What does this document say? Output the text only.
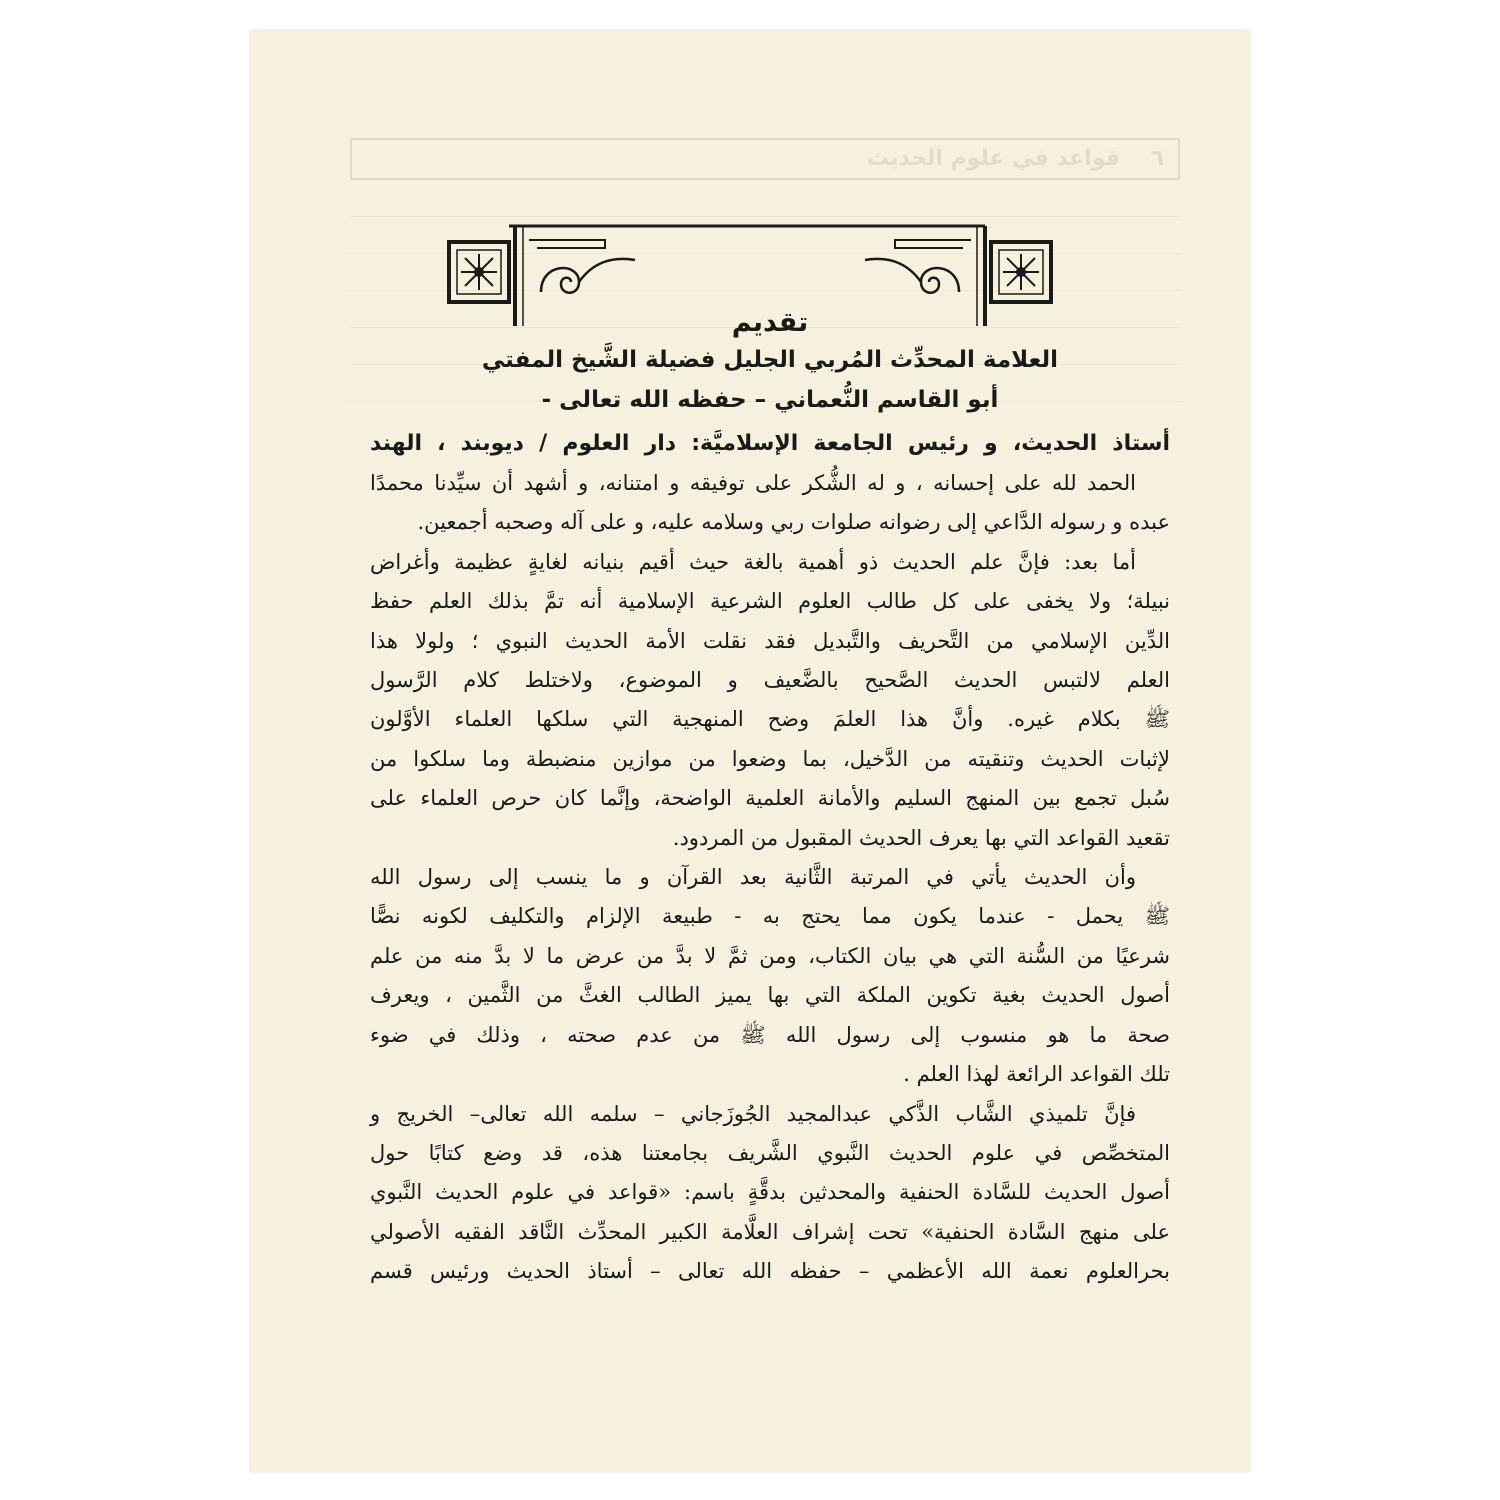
٦    قواعد في علوم الحديث

تقديم

العلامة المحدِّث المُربي الجليل فضيلة الشَّيخ المفتي

أبو القاسم النُّعماني – حفظه الله تعالى -

أستاذ الحديث، و رئيس الجامعة الإسلاميَّة: دار العلوم / ديوبند ، الهند

الحمد لله على إحسانه ، و له الشُّكر على توفيقه و امتنانه، و أشهد أن سيِّدنا محمدًا
عبده و رسوله الدَّاعي إلى رضوانه صلوات ربي وسلامه عليه، و على آله وصحبه أجمعين.
أما بعد: فإنَّ علم الحديث ذو أهمية بالغة حيث أقيم بنيانه لغايةٍ عظيمة وأغراض
نبيلة؛ ولا يخفى على كل طالب العلوم الشرعية الإسلامية أنه تمَّ بذلك العلم حفظ
الدِّين الإسلامي من التَّحريف والتَّبديل فقد نقلت الأمة الحديث النبوي ؛ ولولا هذا
العلم لالتبس الحديث الصَّحيح بالضَّعيف و الموضوع، ولاختلط كلام الرَّسول
ﷺ بكلام غيره. وأنَّ هذا العلمَ وضح المنهجية التي سلكها العلماء الأوَّلون
لإثبات الحديث وتنقيته من الدَّخيل، بما وضعوا من موازين منضبطة وما سلكوا من
سُبل تجمع بين المنهج السليم والأمانة العلمية الواضحة، وإنَّما كان حرص العلماء على
تقعيد القواعد التي بها يعرف الحديث المقبول من المردود.
وأن الحديث يأتي في المرتبة الثَّانية بعد القرآن و ما ينسب إلى رسول الله
ﷺ يحمل - عندما يكون مما يحتج به - طبيعة الإلزام والتكليف لكونه نصًّا
شرعيًا من السُّنة التي هي بيان الكتاب، ومن ثمَّ لا بدَّ من عرض ما لا بدَّ منه من علم
أصول الحديث بغية تكوين الملكة التي بها يميز الطالب الغثَّ من الثَّمين ، ويعرف
صحة ما هو منسوب إلى رسول الله ﷺ من عدم صحته ، وذلك في ضوء
تلك القواعد الرائعة لهذا العلم .
فإنَّ تلميذي الشَّاب الذَّكي عبدالمجيد الجُوزَجاني – سلمه الله تعالى– الخريج و
المتخصِّص في علوم الحديث النَّبوي الشَّريف بجامعتنا هذه، قد وضع كتابًا حول
أصول الحديث للسَّادة الحنفية والمحدثين بدقَّةٍ باسم: «قواعد في علوم الحديث النَّبوي
على منهج السَّادة الحنفية» تحت إشراف العلَّامة الكبير المحدِّث النَّاقد الفقيه الأصولي
بحرالعلوم نعمة الله الأعظمي – حفظه الله تعالى – أستاذ الحديث ورئيس قسم
